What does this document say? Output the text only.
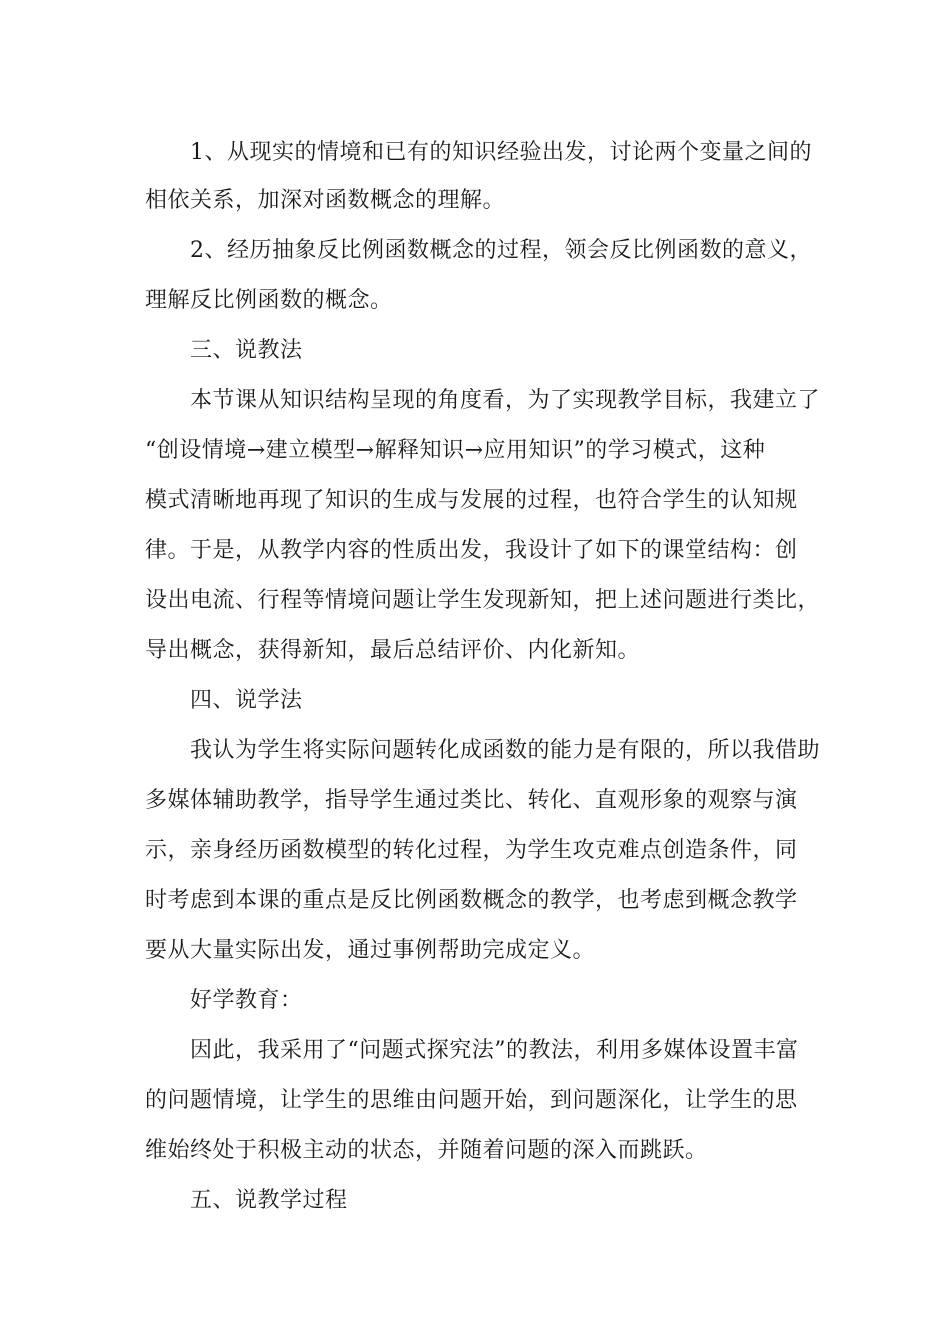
1、从现实的情境和已有的知识经验出发，讨论两个变量之间的
相依关系，加深对函数概念的理解。
2、经历抽象反比例函数概念的过程，领会反比例函数的意义，
理解反比例函数的概念。
三、说教法
本节课从知识结构呈现的角度看，为了实现教学目标，我建立了
“创设情境→建立模型→解释知识→应用知识”的学习模式，这种
模式清晰地再现了知识的生成与发展的过程，也符合学生的认知规
律。于是，从教学内容的性质出发，我设计了如下的课堂结构：创
设出电流、行程等情境问题让学生发现新知，把上述问题进行类比，
导出概念，获得新知，最后总结评价、内化新知。
四、说学法
我认为学生将实际问题转化成函数的能力是有限的，所以我借助
多媒体辅助教学，指导学生通过类比、转化、直观形象的观察与演
示，亲身经历函数模型的转化过程，为学生攻克难点创造条件，同
时考虑到本课的重点是反比例函数概念的教学，也考虑到概念教学
要从大量实际出发，通过事例帮助完成定义。
好学教育：
因此，我采用了“问题式探究法”的教法，利用多媒体设置丰富
的问题情境，让学生的思维由问题开始，到问题深化，让学生的思
维始终处于积极主动的状态，并随着问题的深入而跳跃。
五、说教学过程
